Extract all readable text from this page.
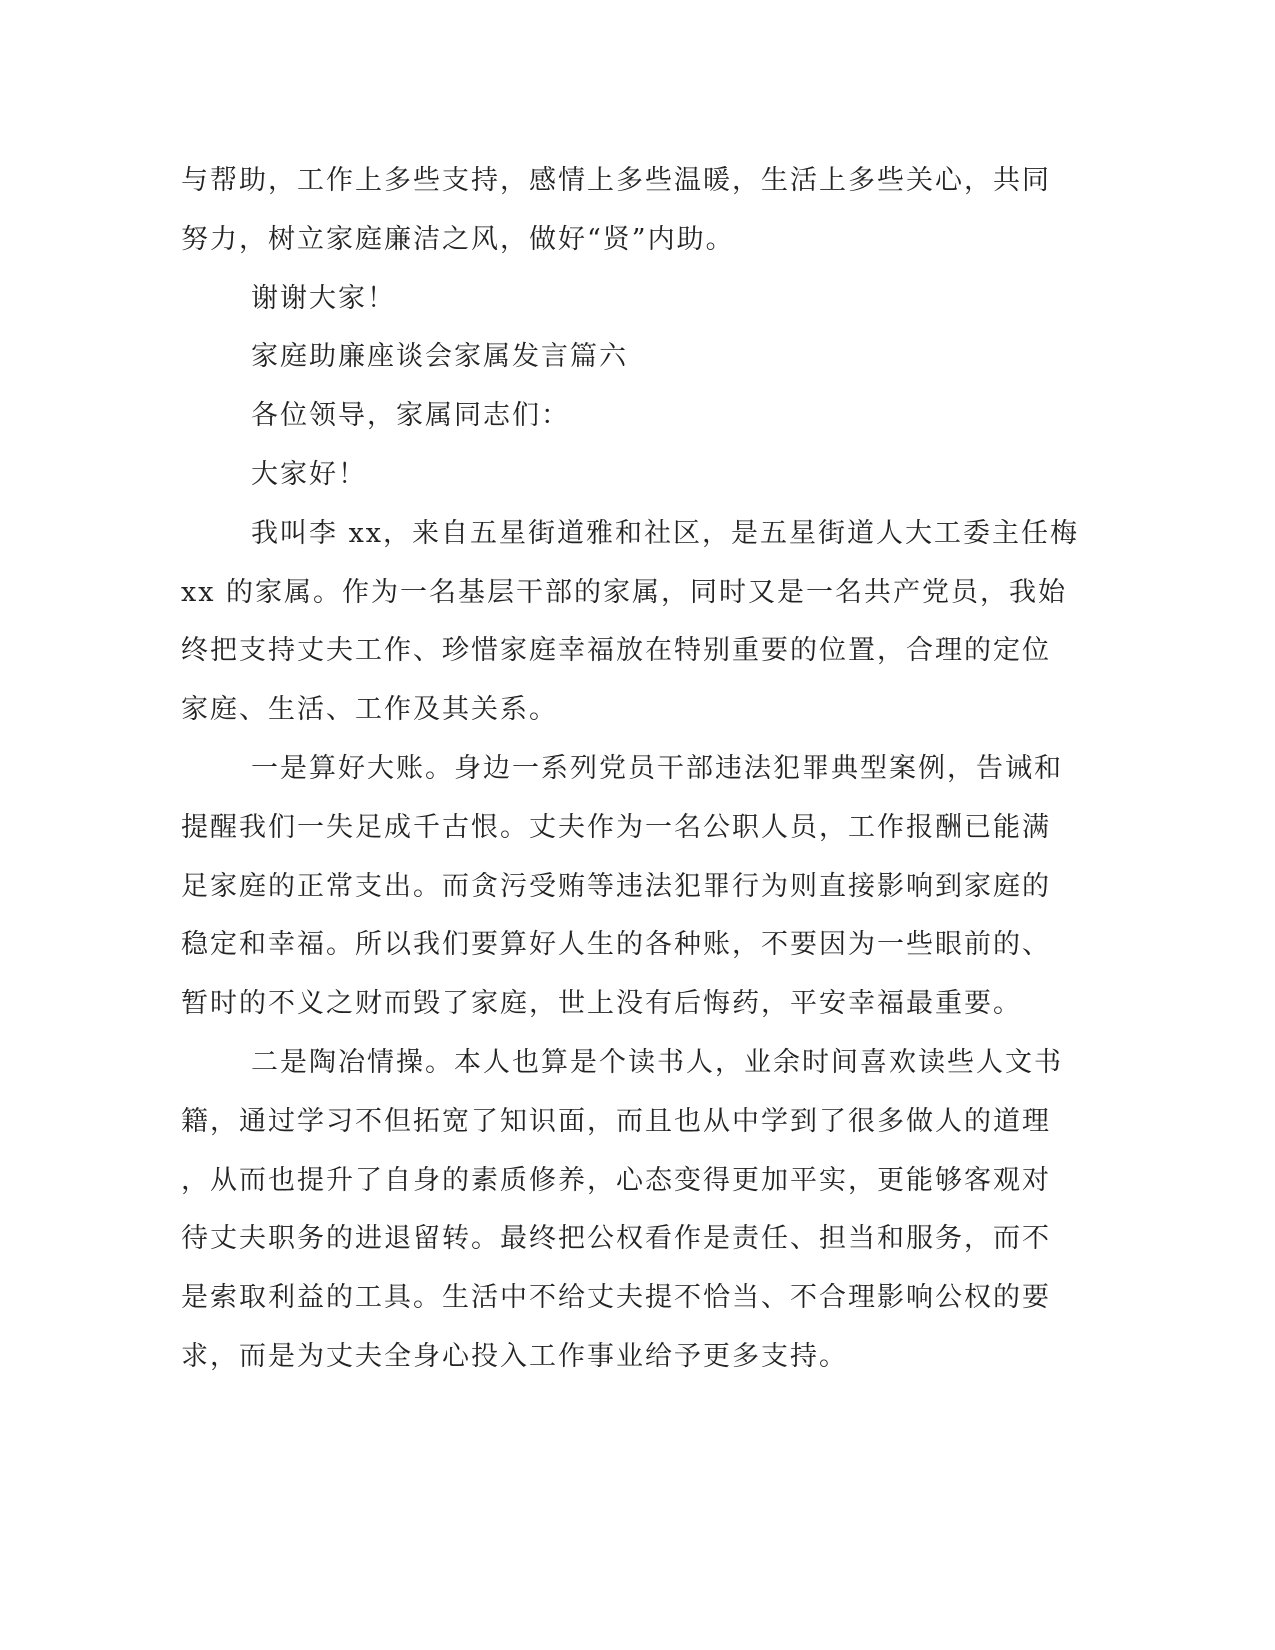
与帮助，工作上多些支持，感情上多些温暖，生活上多些关心，共同
努力，树立家庭廉洁之风，做好“贤”内助。
谢谢大家！
家庭助廉座谈会家属发言篇六
各位领导，家属同志们：
大家好！
我叫李 xx，来自五星街道雅和社区，是五星街道人大工委主任梅
xx 的家属。作为一名基层干部的家属，同时又是一名共产党员，我始
终把支持丈夫工作、珍惜家庭幸福放在特别重要的位置，合理的定位
家庭、生活、工作及其关系。
一是算好大账。身边一系列党员干部违法犯罪典型案例，告诫和
提醒我们一失足成千古恨。丈夫作为一名公职人员，工作报酬已能满
足家庭的正常支出。而贪污受贿等违法犯罪行为则直接影响到家庭的
稳定和幸福。所以我们要算好人生的各种账，不要因为一些眼前的、
暂时的不义之财而毁了家庭，世上没有后悔药，平安幸福最重要。
二是陶冶情操。本人也算是个读书人，业余时间喜欢读些人文书
籍，通过学习不但拓宽了知识面，而且也从中学到了很多做人的道理
，从而也提升了自身的素质修养，心态变得更加平实，更能够客观对
待丈夫职务的进退留转。最终把公权看作是责任、担当和服务，而不
是索取利益的工具。生活中不给丈夫提不恰当、不合理影响公权的要
求，而是为丈夫全身心投入工作事业给予更多支持。
